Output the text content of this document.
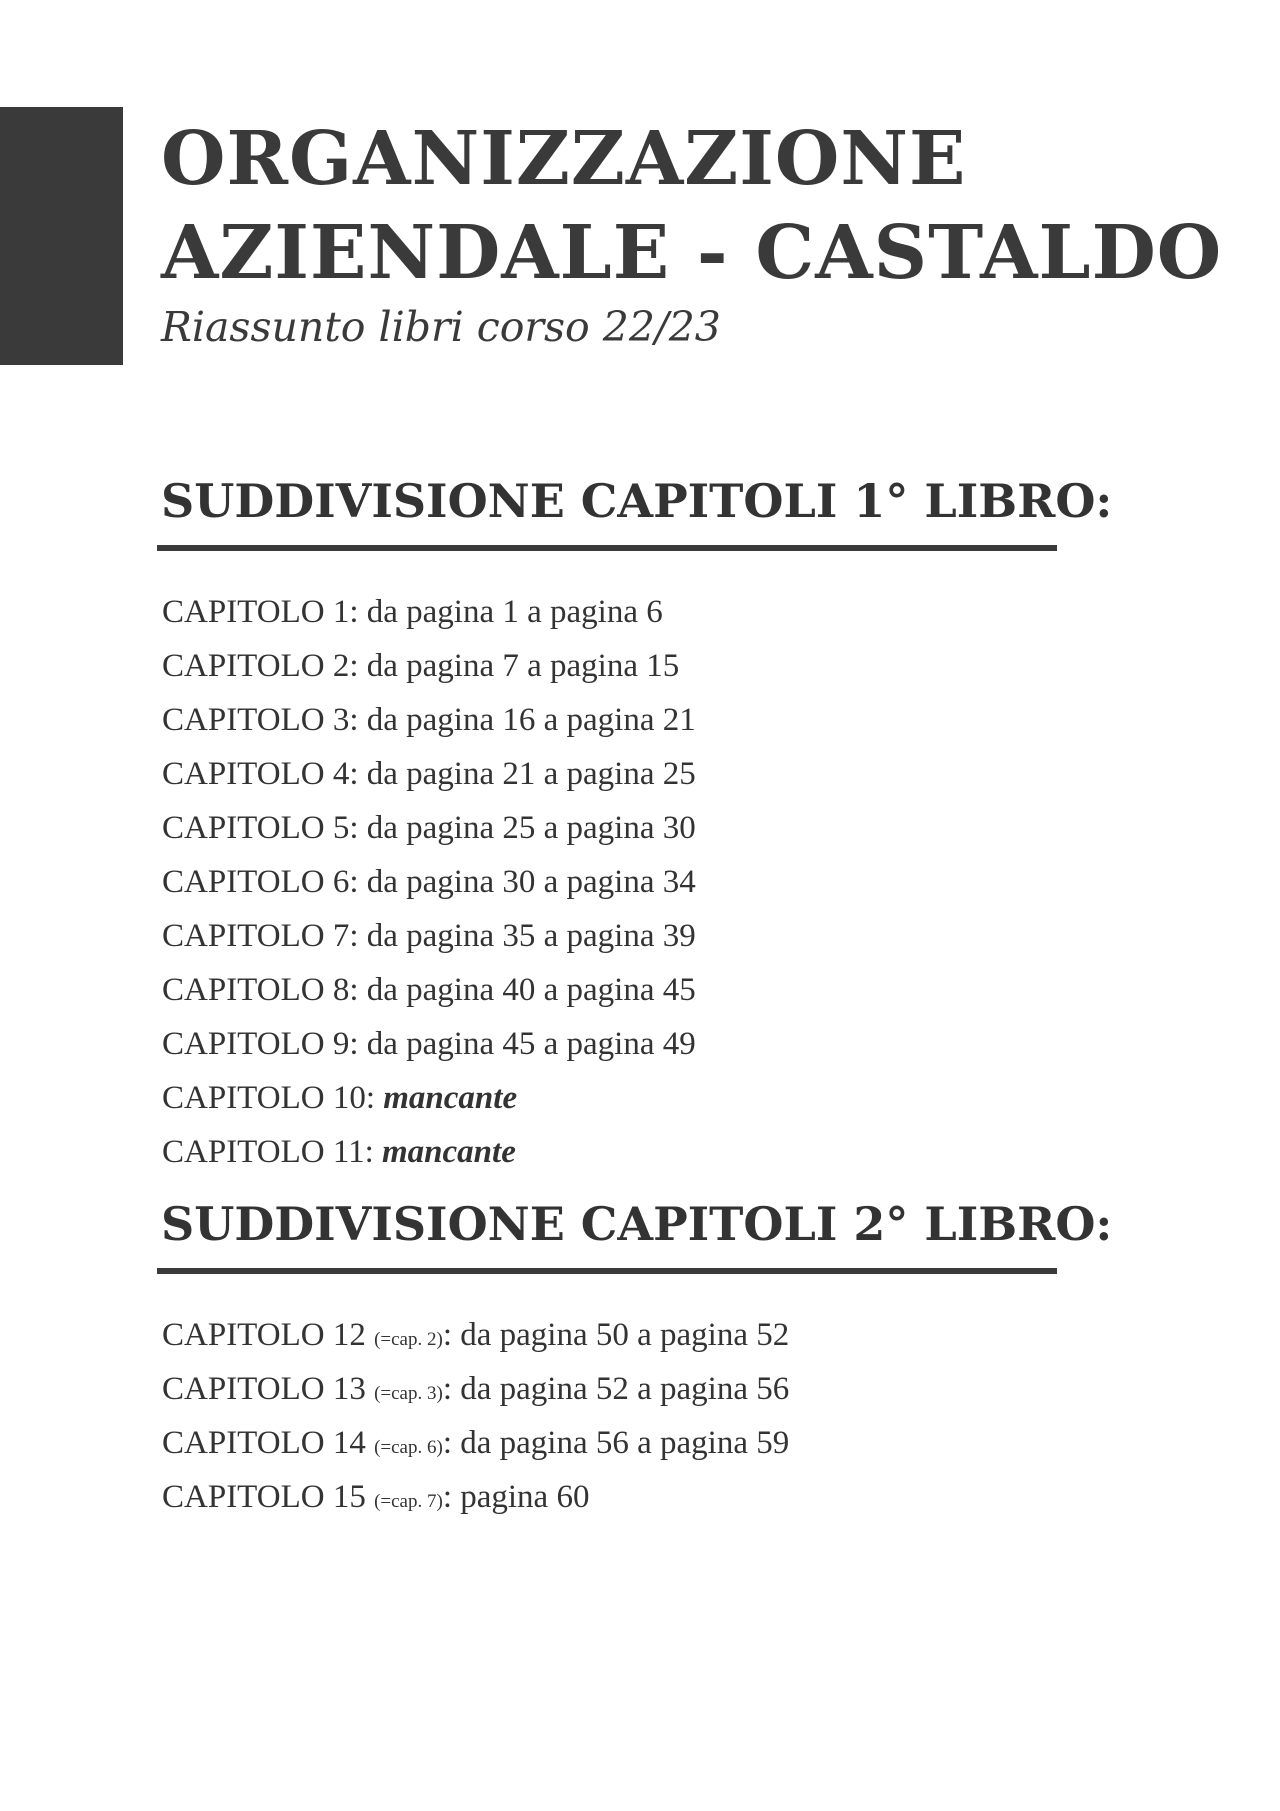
ORGANIZZAZIONE
AZIENDALE - CASTALDO
Riassunto libri corso 22/23
SUDDIVISIONE CAPITOLI 1° LIBRO:
CAPITOLO 1: da pagina 1 a pagina 6
CAPITOLO 2: da pagina 7 a pagina 15
CAPITOLO 3: da pagina 16 a pagina 21
CAPITOLO 4: da pagina 21 a pagina 25
CAPITOLO 5: da pagina 25 a pagina 30
CAPITOLO 6: da pagina 30 a pagina 34
CAPITOLO 7: da pagina 35 a pagina 39
CAPITOLO 8: da pagina 40 a pagina 45
CAPITOLO 9: da pagina 45 a pagina 49
CAPITOLO 10: mancante
CAPITOLO 11: mancante
SUDDIVISIONE CAPITOLI 2° LIBRO:
CAPITOLO 12 (=cap. 2): da pagina 50 a pagina 52
CAPITOLO 13 (=cap. 3): da pagina 52 a pagina 56
CAPITOLO 14 (=cap. 6): da pagina 56 a pagina 59
CAPITOLO 15 (=cap. 7): pagina 60
